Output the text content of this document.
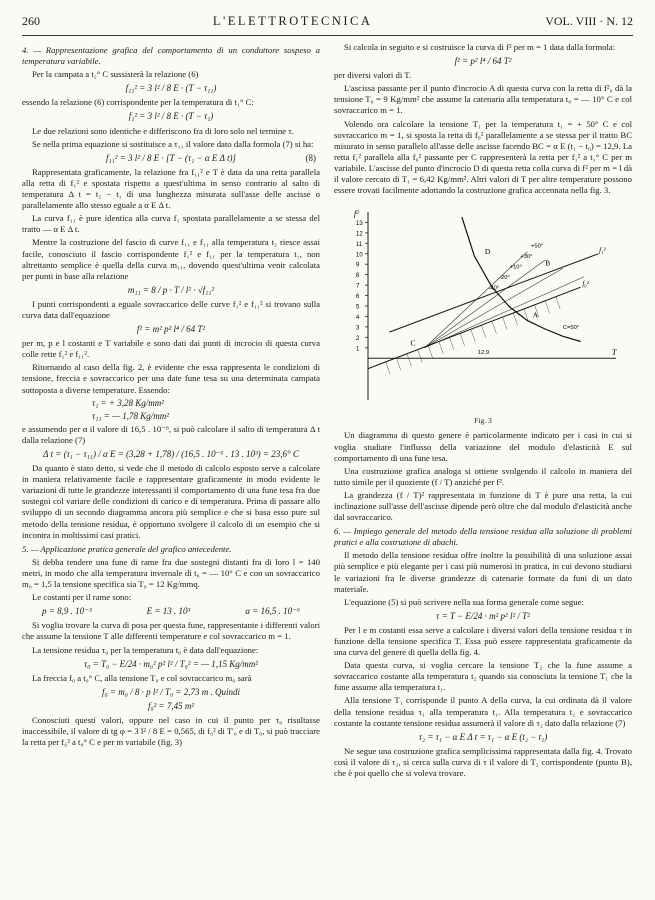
260	L'ELETTROTECNICA	VOL. VIII · N. 12

4. — Rappresentazione grafica del comportamento di un conduttore sospeso a temperatura variabile.

Per la campata a t₂° C sussisterà la relazione (6)

f₁₁² = 3 l² / 8 E · (T − τ₁₁)

essendo la relazione (6) corrispondente per la temperatura di t₁° C:

f₁² = 3 l² / 8 E · (T − τ₁)

Le due relazioni sono identiche e differiscono fra di loro solo nel termine τ.

Se nella prima equazione si sostituisce a τ₁₁ il valore dato dalla formola (7) si ha:

f₁₁² = 3 l² / 8 E · [T − (τ₁ − α E Δ t)]	(8)

Rappresentata graficamente, la relazione fra f₁₁² e T è data da una retta parallela alla retta di f₁² e spostata rispetto a quest'ultima in senso contrario al salto di temperatura Δ t = t₂ − t₁ di una lunghezza misurata sull'asse delle ascisse o parallelamente allo stesso eguale a α E Δ t.

La curva f₁₁ è pure identica alla curva f₁ spostata parallelamente a se stessa del tratto — α E Δ t.

Mentre la costruzione del fascio di curve f₁₁ e f₁₁ alla temperatura t₂ riesce assai facile, conosciuto il fascio corrispondente f₁² e f₁₁ per la temperatura t₁, non altrettanto semplice è quella della curva m₁₁, dovendo quest'ultima venir calcolata per punti in base alla relazione

m₁₁ = 8 / p · T / l² · √f₁₁²

I punti corrispondenti a eguale sovraccarico delle curve f₁² e f₁₁² si trovano sulla curva data dall'equazione

f² = m² p² l⁴ / 64 T²

per m, p e l costanti e T variabile e sono dati dai punti di incrocio di questa curva colle rette f₁² e f₁₁².

Ritornando al caso della fig. 2, è evidente che essa rappresenta le condizioni di tensione, freccia e sovraccarico per una date fune tesa su una determinata campata sottoposta a diverse temperature. Essendo:

τ₁ = + 3,28 Kg/mm²
τ₁₁ = — 1,78 Kg/mm²

e assumendo per α il valore di 16,5 . 10⁻⁶, si può calcolare il salto di temperatura Δ t dalla relazione (7)

Δ t = (τ₁ − τ₁₁) / α E = (3,28 + 1,78) / (16,5 . 10⁻⁶ . 13 . 10³) = 23,6° C

Da quanto è stato detto, si vede che il metodo di calcolo esposto serve a calcolare in maniera relativamente facile e rappresentare graficamente in modo evidente le variazioni di tutte le grandezze interessanti il comportamento di una fune tesa fra due sostegni col variare delle condizioni di carico e di temperatura. Prima di passare allo sviluppo di un secondo diagramma ancora più semplice e che si basa esso pure sul metodo della tensione residua, è opportuno svolgere il calcolo di un esempio che si incontra in moltissimi casi pratici.

5. — Applicazione pratica generale del grafico antecedente.

Si debba tendere una fune di rame fra due sostegni distanti fra di loro l = 140 metri, in modo che alla temperatura invernale di t₀ = — 10° C e con un sovraccarico m₀ = 1,5 la tensione specifica sia T₀ = 12 Kg/mmq.

Le costanti per il rame sono:

p = 8,9 . 10⁻³	E = 13 . 10³	α = 16,5 . 10⁻⁶

Si voglia trovare la curva di posa per questa fune, rappresentante i differenti valori che assume la tensione T alle differenti temperature e col sovraccarico m = 1.

La tensione residua τ₀ per la temperatura t₀ è data dall'equazione:

τ₀ = T₀ − E/24 · m₀² p² l² / T₀² = — 1,15 Kg/mm²

La freccia f₀ a t₀° C, alla tensione T₀ e col sovraccarico m₀ sarà

f₀ = m₀ / 8 · p l² / T₀ = 2,73 m . Quindi
f₀² = 7,45 m²

Conosciuti questi valori, oppure nel caso in cui il punto per τ₀ risultasse inaccessibile, il valore di tg φ = 3 l² / 8 E = 0,565, di f₀² di T'₀ e di T₀, si può tracciare la retta per f₀² a t₀° C e per m variabile (fig. 3)

Si calcola in seguito e si costruisce la curva di f² per m = 1 data dalla formola:

f² = p² l⁴ / 64 T²

per diversi valori di T.

L'ascissa passante per il punto d'incrocio A di questa curva con la retta di f²₀ dà la tensione T₀ = 9 Kg/mm² che assume la catenaria alla temperatura t₀ = — 10° C e col sovraccarico m = 1.

Volendo ora calcolare la tensione T₁ per la temperatura t₁ = + 50° C e col sovraccarico m = 1, si sposta la retta di f₀² parallelamente a se stessa per il tratto BC misurato in senso parallelo all'asse delle ascisse facendo BC = α E (t₁ − t₀) = 12,9. La retta f₁² parallela alla f₀² passante per C rappresenterà la retta per f₁² a t₁° C per m variabile. L'ascisse del punto d'incrocio D di questa retta colla curva di f² per m = l dà il valore cercato di T₁ = 6,42 Kg/mm². Altri valori di T per altre temperature possono essere trovati facilmente adottando la costruzione grafica accennata nella fig. 3.

f²
T
1
2
3
4
5
6
7
8
9
10
11
12
13
f₀²
f₁²
A
B
C
D
-40°
-20°
+10°
+30°
+50°
C=50°
12,9
Fig. 3

Un diagramma di questo genere è particolarmente indicato per i casi in cui si voglia studiare l'influsso della variazione del modulo d'elasticità E sul comportamento di una fune tesa.

Una costruzione grafica analoga si ottiene svolgendo il calcolo in maniera del tutto simile per il quoziente (f / T) anziché per f².

La grandezza (f / T)² rappresentata in funzione di T è pure una retta, la cui inclinazione sull'asse dell'ascisse dipende però oltre che dal modulo d'elasticità anche dal sovraccarico.

6. — Impiego generale del metodo della tensione residua alla soluzione di problemi pratici e alla costruzione di abachi.

Il metodo della tensione residua offre inoltre la possibilità di una soluzione assai più semplice e più elegante per i casi più numerosi in pratica, in cui devono studiarsi le variazioni fra le diverse grandezze di catenarie formate da funi di un dato materiale.

L'equazione (5) si può scrivere nella sua forma generale come segue:

τ = T − E/24 · m² p² l² / T²

Per l e m costanti essa serve a calcolare i diversi valori della tensione residua τ in funzione della tensione specifica T. Essa può essere rappresentata graficamente da una curva del genere di quella della fig. 4.

Data questa curva, si voglia cercare la tensione T₂ che la fune assume a sovraccarico costante alla temperatura t₂ quando sia conosciuta la tensione T₁ che la fune assume alla temperatura t₁.

Alla tensione T₁ corrisponde il punto A della curva, la cui ordinata dà il valore della tensione residua τ₁ alla temperatura t₁. Alla temperatura t₂ e sovraccarico costante la costante tensione residua assumerà il valore di τ₂ dato dalla relazione (7)

τ₂ = τ₁ − α E Δ t = τ₁ − α E (t₂ − t₁)

Ne segue una costruzione grafica semplicissima rappresentata dalla fig. 4. Trovato così il valore di τ₂, si cerca sulla curva di τ il valore di T₂ corrispondente (punto B), che è poi quello che si voleva trovare.
